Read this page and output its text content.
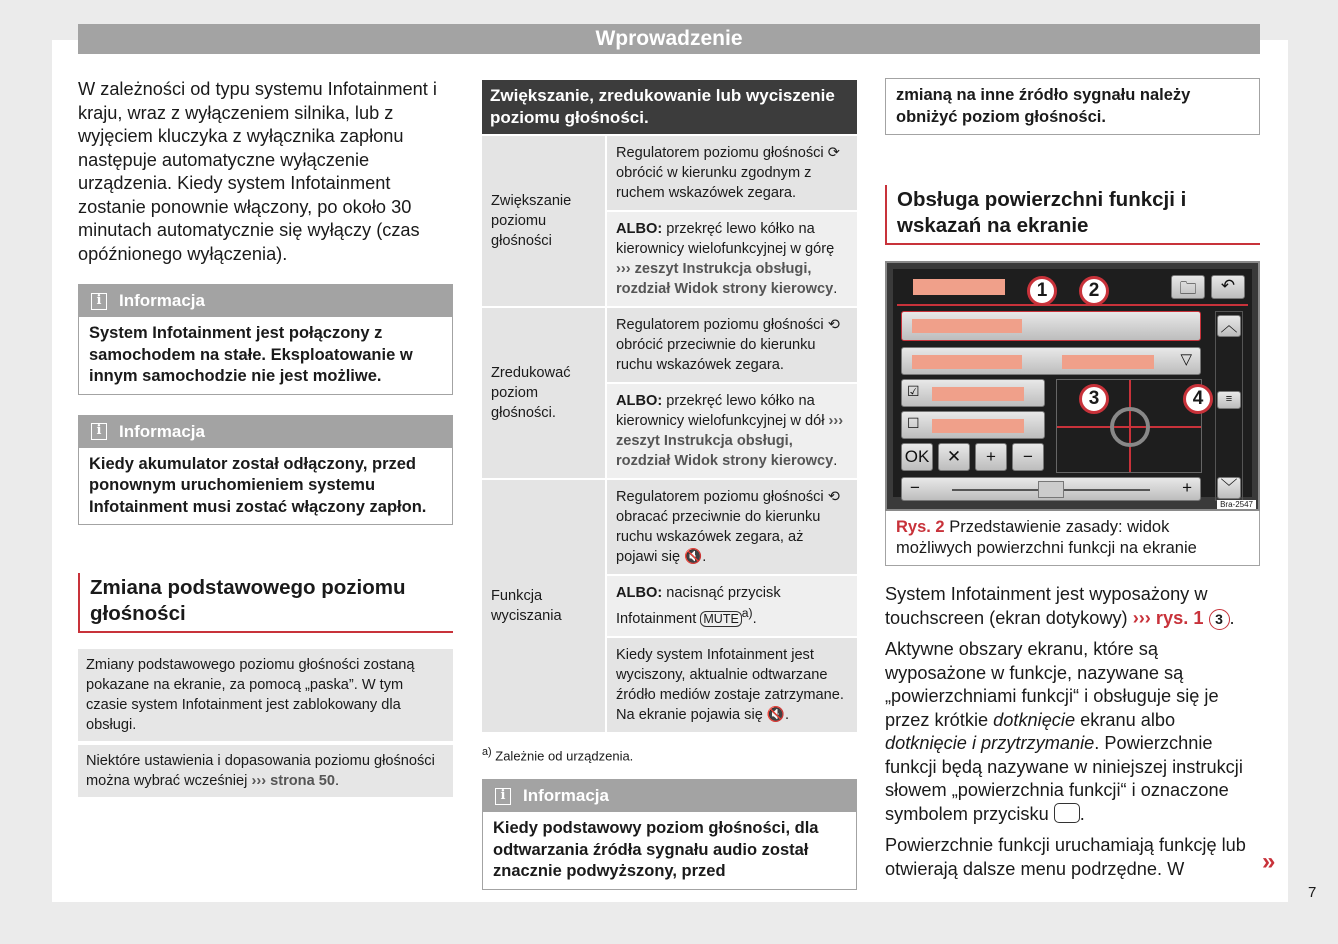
Wprowadzenie

W zależności od typu systemu Infotainment i kraju, wraz z wyłączeniem silnika, lub z wyjęciem kluczyka z wyłącznika zapłonu następuje automatyczne wyłączenie urządzenia. Kiedy system Infotainment zostanie ponownie włączony, po około 30 minutach automatycznie się wyłączy (czas opóźnionego wyłączenia).

i	Informacja
System Infotainment jest połączony z samochodem na stałe. Eksploatowanie w innym samochodzie nie jest możliwe.
i	Informacja
Kiedy akumulator został odłączony, przed ponownym uruchomieniem systemu Infotainment musi zostać włączony zapłon.
Zmiana podstawowego poziomu głośności
Zmiany podstawowego poziomu głośności zostaną pokazane na ekranie, za pomocą „paska”. W tym czasie system Infotainment jest zablokowany dla obsługi.
Niektóre ustawienia i dopasowania poziomu głośności można wybrać wcześniej ››› strona 50.
Zwiększanie, zredukowanie lub wyciszenie poziomu głośności.	
Zwiększanie poziomu głośności	Regulatorem poziomu głośności ⟳ obrócić w kierunku zgodnym z ruchem wskazówek zegara.
	ALBO: przekręć lewo kółko na kierownicy wielofunkcyjnej w górę ››› zeszyt Instrukcja obsługi, rozdział Widok strony kierowcy.
Zredukować poziom głośności.	Regulatorem poziomu głośności ⟲ obrócić przeciwnie do kierunku ruchu wskazówek zegara.
	ALBO: przekręć lewo kółko na kierownicy wielofunkcyjnej w dół ››› zeszyt Instrukcja obsługi, rozdział Widok strony kierowcy.
Funkcja wyciszania	Regulatorem poziomu głośności ⟲ obracać przeciwnie do kierunku ruchu wskazówek zegara, aż pojawi się 🔇.
	ALBO: nacisnąć przycisk Infotainment MUTE $^{a)}$.
	Kiedy system Infotainment jest wyciszony, aktualnie odtwarzane źródło mediów zostaje zatrzymane. Na ekranie pojawia się 🔇.

$^{a)}$ Zależnie od urządzenia.

i	Informacja
Kiedy podstawowy poziom głośności, dla odtwarzania źródła sygnału audio został znacznie podwyższony, przed
zmianą na inne źródło sygnału należy obniżyć poziom głośności.
Obsługa powierzchni funkcji i wskazań na ekranie
🗀	↶
▽
☑
☐
OK	✕	+	−
−	+
︿
≡
﹀
1	2
3	4
Bra-2547
Rys. 2 Przedstawienie zasady: widok możliwych powierzchni funkcji na ekranie

System Infotainment jest wyposażony w touchscreen (ekran dotykowy) ››› rys. 1 3 .

Aktywne obszary ekranu, które są wyposażone w funkcje, nazywane są „powierzchniami funkcji“ i obsługuje się je przez krótkie dotknięcie ekranu albo dotknięcie i przytrzymanie. Powierzchnie funkcji będą nazywane w niniejszej instrukcji słowem „powierzchnia funkcji“ i oznaczone symbolem przycisku .

Powierzchnie funkcji uruchamiają funkcję lub otwierają dalsze menu podrzędne. W	»
7
